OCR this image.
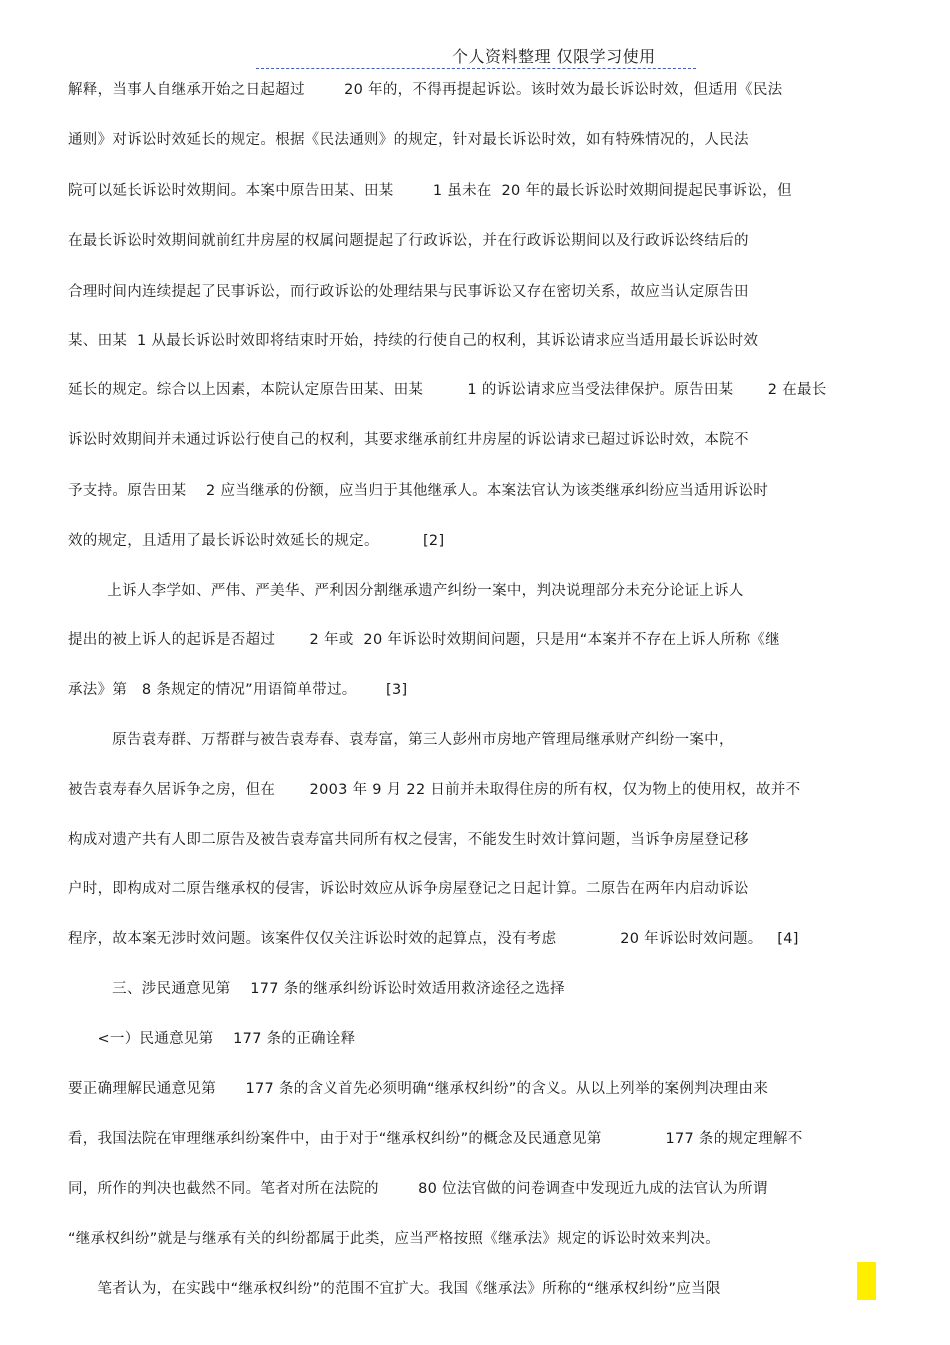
个人资料整理 仅限学习使用
解释，当事人自继承开始之日起超过        20 年的，不得再提起诉讼。该时效为最长诉讼时效，但适用《民法
通则》对诉讼时效延长的规定。根据《民法通则》的规定，针对最长诉讼时效，如有特殊情况的，人民法
院可以延长诉讼时效期间。本案中原告田某、田某        1 虽未在  20 年的最长诉讼时效期间提起民事诉讼，但
在最长诉讼时效期间就前红井房屋的权属问题提起了行政诉讼，并在行政诉讼期间以及行政诉讼终结后的
合理时间内连续提起了民事诉讼，而行政诉讼的处理结果与民事诉讼又存在密切关系，故应当认定原告田
某、田某  1 从最长诉讼时效即将结束时开始，持续的行使自己的权利，其诉讼请求应当适用最长诉讼时效
延长的规定。综合以上因素，本院认定原告田某、田某         1 的诉讼请求应当受法律保护。原告田某       2 在最长
诉讼时效期间并未通过诉讼行使自己的权利，其要求继承前红井房屋的诉讼请求已超过诉讼时效，本院不
予支持。原告田某    2 应当继承的份额，应当归于其他继承人。本案法官认为该类继承纠纷应当适用诉讼时
效的规定，且适用了最长诉讼时效延长的规定。         [2]
上诉人李学如、严伟、严美华、严利因分割继承遗产纠纷一案中，判决说理部分未充分论证上诉人
提出的被上诉人的起诉是否超过       2 年或  20 年诉讼时效期间问题，只是用“本案并不存在上诉人所称《继
承法》第   8 条规定的情况”用语简单带过。      [3]
原告袁寿群、万帮群与被告袁寿春、袁寿富，第三人彭州市房地产管理局继承财产纠纷一案中，
被告袁寿春久居诉争之房，但在       2003 年 9 月 22 日前并未取得住房的所有权，仅为物上的使用权，故并不
构成对遗产共有人即二原告及被告袁寿富共同所有权之侵害，不能发生时效计算问题，当诉争房屋登记移
户时，即构成对二原告继承权的侵害，诉讼时效应从诉争房屋登记之日起计算。二原告在两年内启动诉讼
程序，故本案无涉时效问题。该案件仅仅关注诉讼时效的起算点，没有考虑             20 年诉讼时效问题。   [4]
三、涉民通意见第    177 条的继承纠纷诉讼时效适用救济途径之选择
<一）民通意见第    177 条的正确诠释
要正确理解民通意见第      177 条的含义首先必须明确“继承权纠纷”的含义。从以上列举的案例判决理由来
看，我国法院在审理继承纠纷案件中，由于对于“继承权纠纷”的概念及民通意见第             177 条的规定理解不
同，所作的判决也截然不同。笔者对所在法院的        80 位法官做的问卷调查中发现近九成的法官认为所谓
“继承权纠纷”就是与继承有关的纠纷都属于此类，应当严格按照《继承法》规定的诉讼时效来判决。
笔者认为，在实践中“继承权纠纷”的范围不宜扩大。我国《继承法》所称的“继承权纠纷”应当限
